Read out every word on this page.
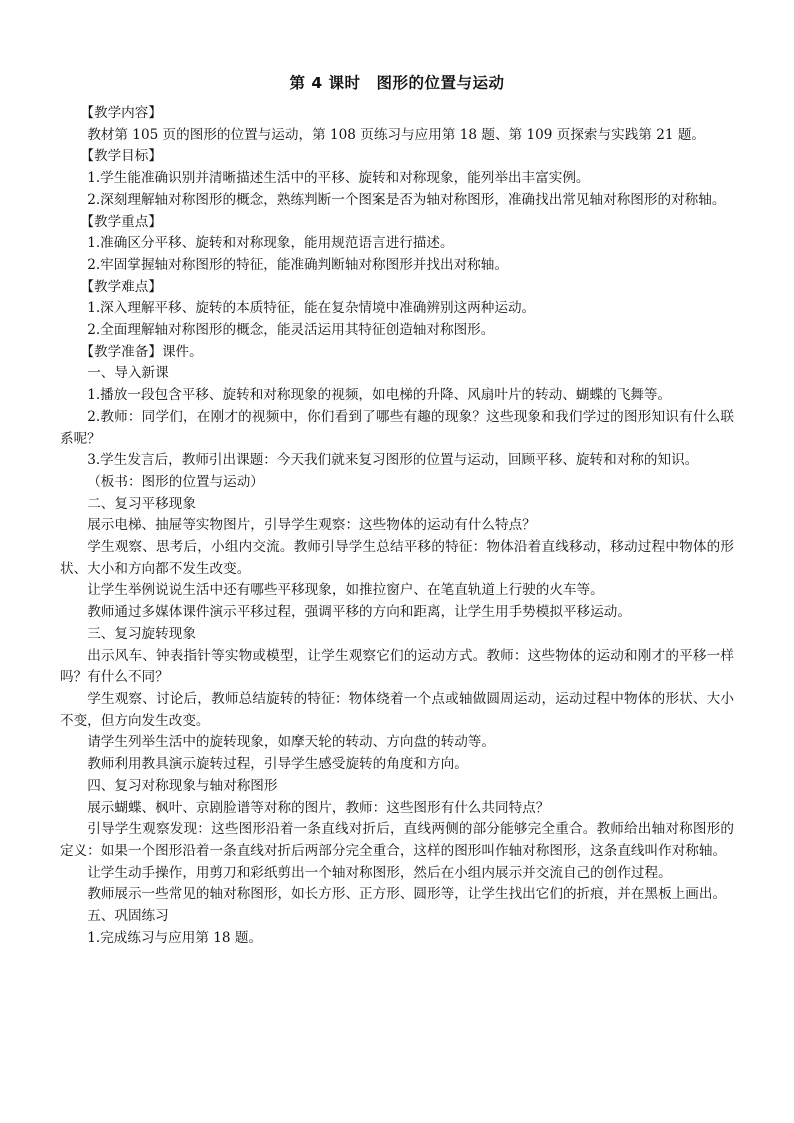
第 4 课时　图形的位置与运动

【教学内容】

教材第 105 页的图形的位置与运动，第 108 页练习与应用第 18 题、第 109 页探索与实践第 21 题。

【教学目标】

1.学生能准确识别并清晰描述生活中的平移、旋转和对称现象，能列举出丰富实例。

2.深刻理解轴对称图形的概念，熟练判断一个图案是否为轴对称图形，准确找出常见轴对称图形的对称轴。

【教学重点】

1.准确区分平移、旋转和对称现象，能用规范语言进行描述。

2.牢固掌握轴对称图形的特征，能准确判断轴对称图形并找出对称轴。

【教学难点】

1.深入理解平移、旋转的本质特征，能在复杂情境中准确辨别这两种运动。

2.全面理解轴对称图形的概念，能灵活运用其特征创造轴对称图形。

【教学准备】课件。

一、导入新课

1.播放一段包含平移、旋转和对称现象的视频，如电梯的升降、风扇叶片的转动、蝴蝶的飞舞等。

2.教师：同学们，在刚才的视频中，你们看到了哪些有趣的现象？这些现象和我们学过的图形知识有什么联系呢？

3.学生发言后，教师引出课题：今天我们就来复习图形的位置与运动，回顾平移、旋转和对称的知识。

（板书：图形的位置与运动）

二、复习平移现象

展示电梯、抽屉等实物图片，引导学生观察：这些物体的运动有什么特点？

学生观察、思考后，小组内交流。教师引导学生总结平移的特征：物体沿着直线移动，移动过程中物体的形状、大小和方向都不发生改变。

让学生举例说说生活中还有哪些平移现象，如推拉窗户、在笔直轨道上行驶的火车等。

教师通过多媒体课件演示平移过程，强调平移的方向和距离，让学生用手势模拟平移运动。

三、复习旋转现象

出示风车、钟表指针等实物或模型，让学生观察它们的运动方式。教师：这些物体的运动和刚才的平移一样吗？有什么不同？

学生观察、讨论后，教师总结旋转的特征：物体绕着一个点或轴做圆周运动，运动过程中物体的形状、大小不变，但方向发生改变。

请学生列举生活中的旋转现象，如摩天轮的转动、方向盘的转动等。

教师利用教具演示旋转过程，引导学生感受旋转的角度和方向。

四、复习对称现象与轴对称图形

展示蝴蝶、枫叶、京剧脸谱等对称的图片，教师：这些图形有什么共同特点？

引导学生观察发现：这些图形沿着一条直线对折后，直线两侧的部分能够完全重合。教师给出轴对称图形的定义：如果一个图形沿着一条直线对折后两部分完全重合，这样的图形叫作轴对称图形，这条直线叫作对称轴。

让学生动手操作，用剪刀和彩纸剪出一个轴对称图形，然后在小组内展示并交流自己的创作过程。

教师展示一些常见的轴对称图形，如长方形、正方形、圆形等，让学生找出它们的折痕，并在黑板上画出。

五、巩固练习

1.完成练习与应用第 18 题。
